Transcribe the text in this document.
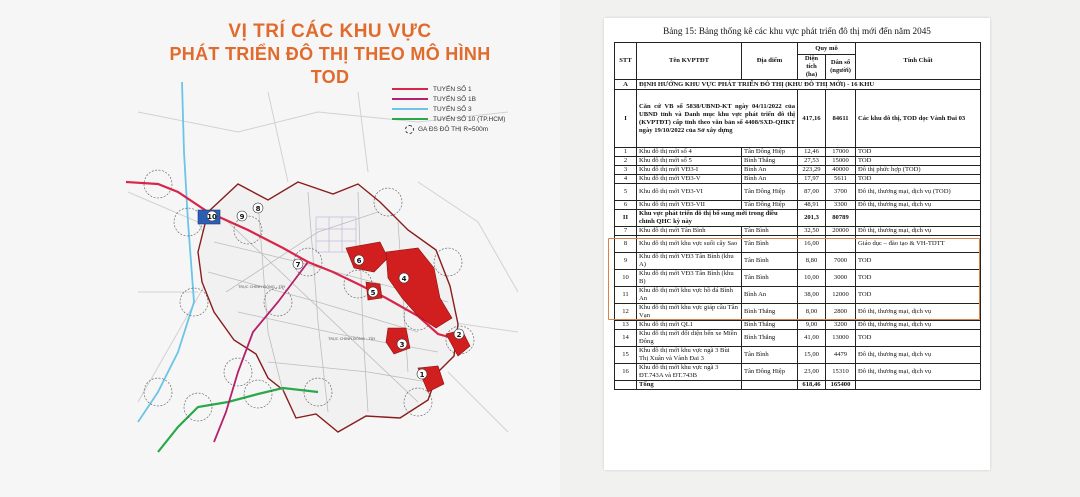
VỊ TRÍ CÁC KHU VỰC
PHÁT TRIỂN ĐÔ THỊ THEO MÔ HÌNH TOD
1
2
3
4
5
6
7
8
9
10
TRỤC CHÍNH ĐÔNG - TÂY
TRỤC CHÍNH ĐÔNG - TÂY
TUYẾN SỐ 1
TUYẾN SỐ 1B
TUYẾN SỐ 3
TUYẾN SỐ 10 (TP.HCM)
GA ĐS ĐÔ THỊ R=500m
Bảng 15: Bảng thống kê các khu vực phát triển đô thị mới đến năm 2045
STT	Tên KVPTĐT	Địa điểm	Quy mô		Tính Chất
			Diện tích (ha)	Dân số (người)	
A	ĐỊNH HƯỚNG KHU VỰC PHÁT TRIỂN ĐÔ THỊ (KHU ĐÔ THỊ MỚI) - 16 KHU				
I	Căn cứ VB số 5838/UBND-KT ngày 04/11/2022 của UBND tỉnh và Danh mục khu vực phát triển đô thị (KVPTĐT) cấp tỉnh theo văn bản số 4408/SXD-QHKT ngày 19/10/2022 của Sở xây dựng		417,16	84611	Các khu đô thị, TOD dọc Vành Đai 03
1	Khu đô thị mới số 4	Tân Đông Hiệp	12,46	17000	TOD
2	Khu đô thị mới số 5	Bình Thắng	27,53	15000	TOD
3	Khu đô thị mới VĐ3-I	Bình An	223,29	40000	Đô thị phức hợp (TOD)
4	Khu đô thị mới VĐ3-V	Bình An	17,97	5611	TOD
5	Khu đô thị mới VĐ3-VI	Tân Đông Hiệp	87,00	3700	Đô thị, thương mại, dịch vụ (TOD)
6	Khu đô thị mới VĐ3-VII	Tân Đông Hiệp	48,91	3300	Đô thị, thương mại, dịch vụ
II	Khu vực phát triển đô thị bổ sung mới trong điều chỉnh QHC kỳ này		201,3	80789	
7	Khu đô thị mới Tân Bình	Tân Bình	32,50	20000	Đô thị, thương mại, dịch vụ
8	Khu đô thị mới khu vực suối cây Sao	Tân Bình	16,00		Giáo dục – đào tạo & VH-TDTT
9	Khu đô thị mới VĐ3 Tân Bình (khu A)	Tân Bình	8,80	7000	TOD
10	Khu đô thị mới VĐ3 Tân Bình (khu B)	Tân Bình	10,00	3000	TOD
11	Khu đô thị mới khu vực hồ đá Bình An	Bình An	38,00	12000	TOD
12	Khu đô thị mới khu vực giáp cầu Tân Vạn	Bình Thắng	8,00	2800	Đô thị, thương mại, dịch vụ
13	Khu đô thị mới QL1	Bình Thắng	9,00	3200	Đô thị, thương mại, dịch vụ
14	Khu đô thị mới đối diện bến xe Miền Đông	Bình Thắng	41,00	13000	TOD
15	Khu đô thị mới khu vực ngã 3 Bùi Thị Xuân và Vành Đai 3	Tân Bình	15,00	4479	Đô thị, thương mại, dịch vụ
16	Khu đô thị mới khu vực ngã 3 ĐT.743A và ĐT.743B	Tân Đông Hiệp	23,00	15310	Đô thị, thương mại, dịch vụ
	Tổng		618,46	165400	
